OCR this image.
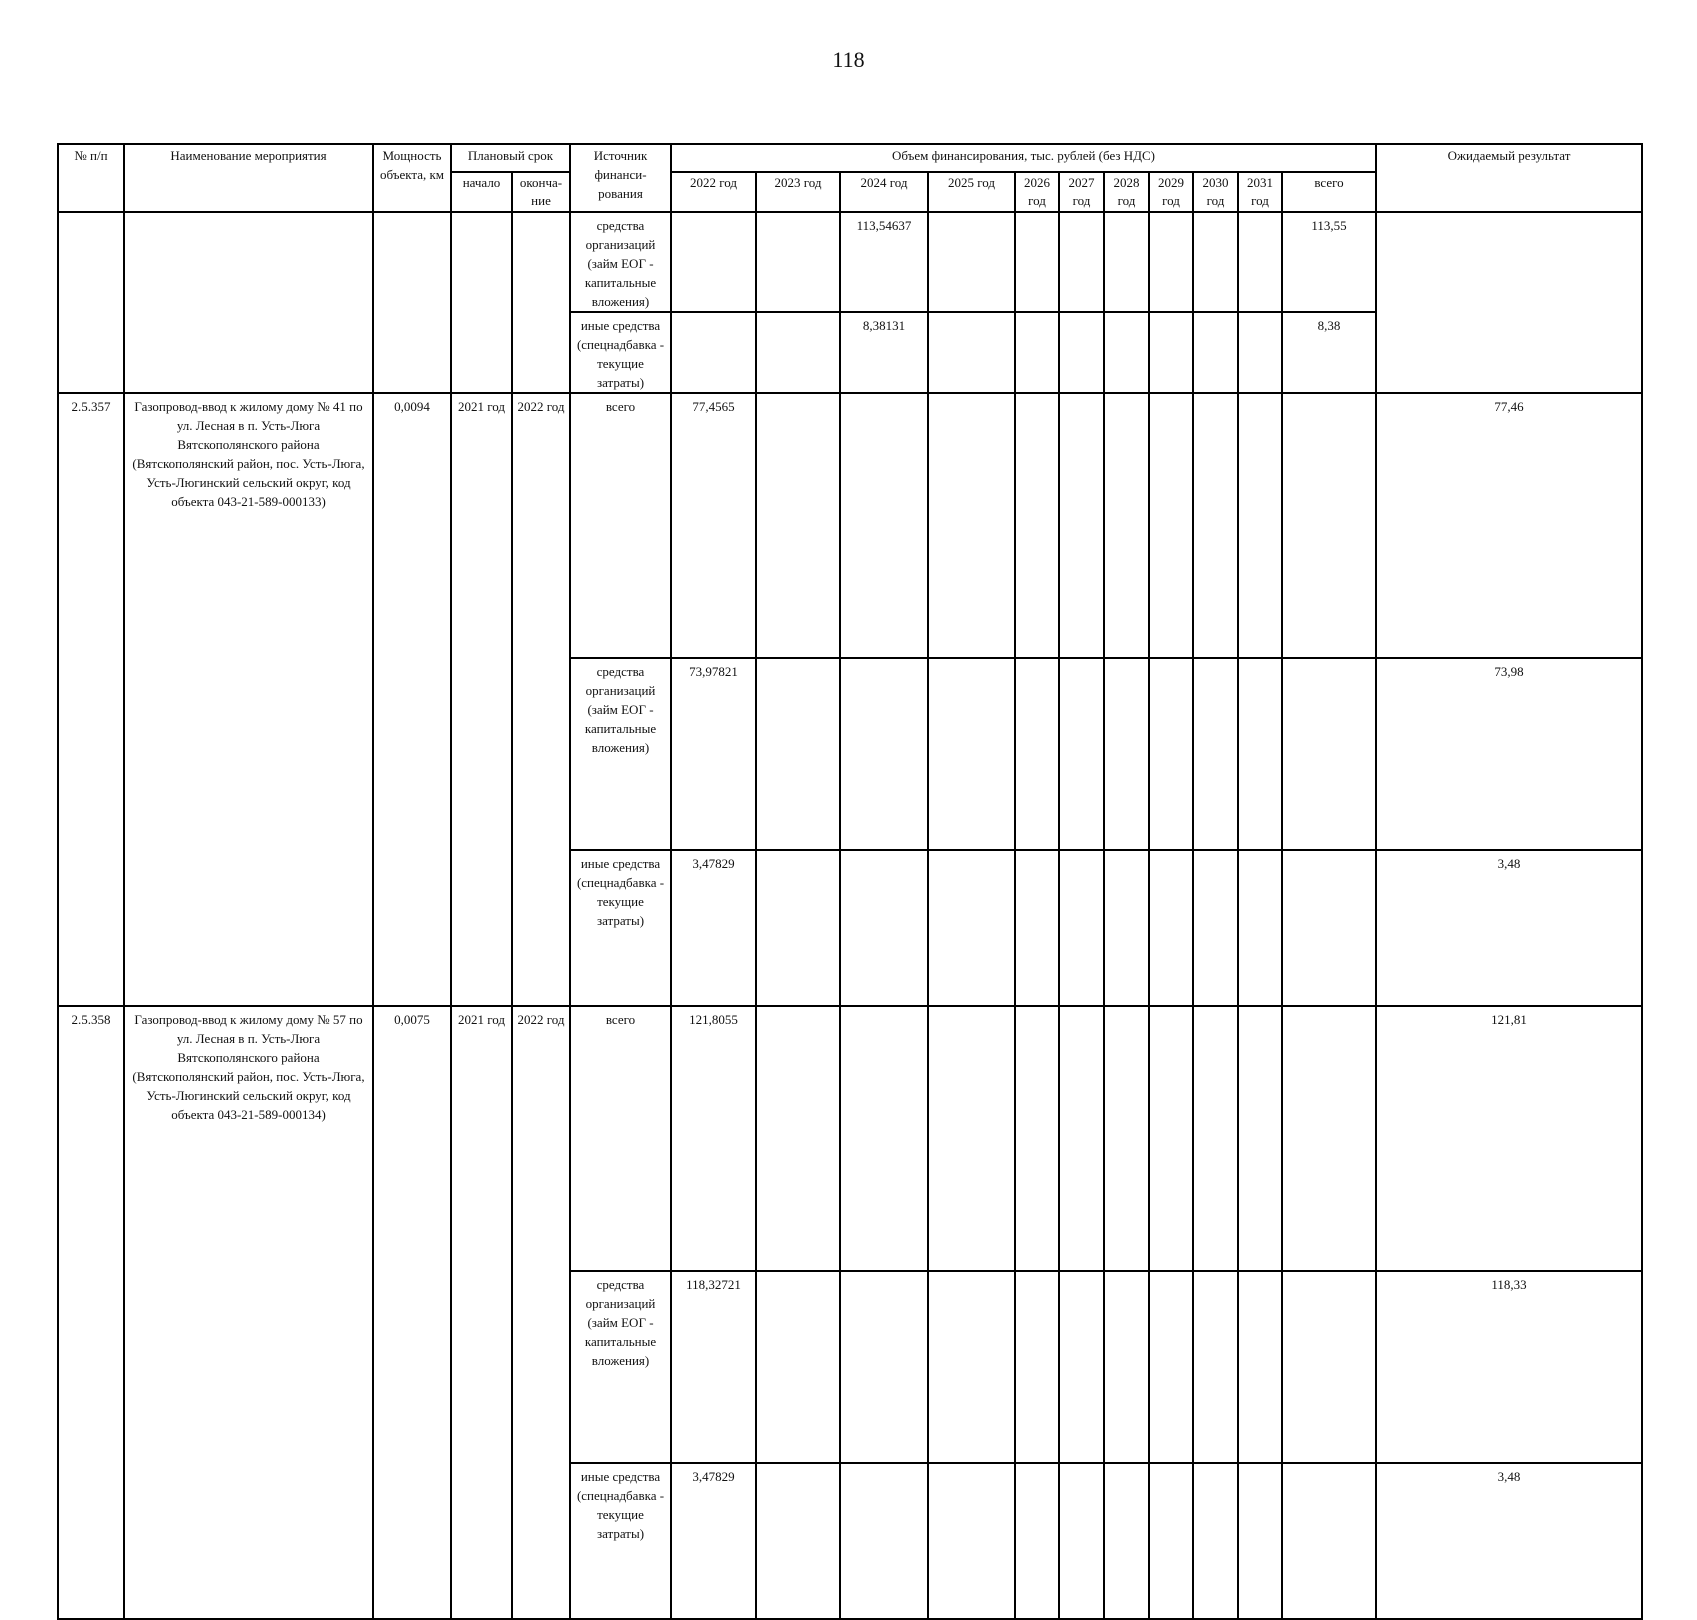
118
№ п/п	Наименование мероприятия	Мощность объекта, км	Плановый срок		Источник финанси-рования	Объем финансирования, тыс. рублей (без НДС)											Ожидаемый результат	
			начало	оконча-ние		2022 год	2023 год	2024 год	2025 год	2026 год	2027 год	2028 год	2029 год	2030 год	2031 год	всего		
					средства организаций (займ ЕОГ - капитальные вложения)			113,54637								113,55		
					иные средства (спецнадбавка - текущие затраты)			8,38131								8,38		
2.5.357	Газопровод-ввод к жилому дому № 41 по ул. Лесная в п. Усть-Люга Вятскополянского района (Вятскополянский район, пос. Усть-Люга, Усть-Люгинский сельский округ, код объекта 043-21-589-000133)	0,0094	2021 год	2022 год	всего	77,4565											77,46	
					средства организаций (займ ЕОГ - капитальные вложения)	73,97821											73,98	
					иные средства (спецнадбавка - текущие затраты)	3,47829											3,48	
2.5.358	Газопровод-ввод к жилому дому № 57 по ул. Лесная в п. Усть-Люга Вятскополянского района (Вятскополянский район, пос. Усть-Люга, Усть-Люгинский сельский округ, код объекта 043-21-589-000134)	0,0075	2021 год	2022 год	всего	121,8055											121,81	
					средства организаций (займ ЕОГ - капитальные вложения)	118,32721											118,33	
					иные средства (спецнадбавка - текущие затраты)	3,47829											3,48	
